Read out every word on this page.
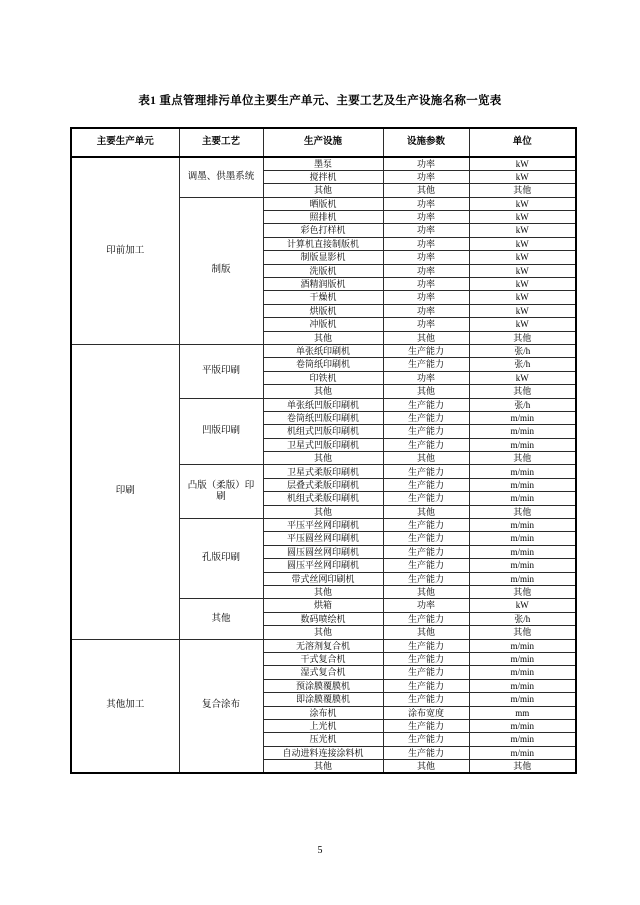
表1 重点管理排污单位主要生产单元、主要工艺及生产设施名称一览表
主要生产单元	主要工艺	生产设施	设施参数	单位
印前加工	调墨、供墨系统	墨泵	功率	kW
		搅拌机	功率	kW
		其他	其他	其他
	制版	晒版机	功率	kW
		照排机	功率	kW
		彩色打样机	功率	kW
		计算机直接制版机	功率	kW
		制版显影机	功率	kW
		洗版机	功率	kW
		酒精润版机	功率	kW
		干燥机	功率	kW
		烘版机	功率	kW
		冲版机	功率	kW
		其他	其他	其他
印刷	平版印刷	单张纸印刷机	生产能力	张/h
		卷筒纸印刷机	生产能力	张/h
		印铁机	功率	kW
		其他	其他	其他
	凹版印刷	单张纸凹版印刷机	生产能力	张/h
		卷筒纸凹版印刷机	生产能力	m/min
		机组式凹版印刷机	生产能力	m/min
		卫星式凹版印刷机	生产能力	m/min
		其他	其他	其他
	凸版（柔版）印刷	卫星式柔版印刷机	生产能力	m/min
		层叠式柔版印刷机	生产能力	m/min
		机组式柔版印刷机	生产能力	m/min
		其他	其他	其他
	孔版印刷	平压平丝网印刷机	生产能力	m/min
		平压圆丝网印刷机	生产能力	m/min
		圆压圆丝网印刷机	生产能力	m/min
		圆压平丝网印刷机	生产能力	m/min
		带式丝网印刷机	生产能力	m/min
		其他	其他	其他
	其他	烘箱	功率	kW
		数码喷绘机	生产能力	张/h
		其他	其他	其他
其他加工	复合涂布	无溶剂复合机	生产能力	m/min
		干式复合机	生产能力	m/min
		湿式复合机	生产能力	m/min
		预涂膜覆膜机	生产能力	m/min
		即涂膜覆膜机	生产能力	m/min
		涂布机	涂布宽度	mm
		上光机	生产能力	m/min
		压光机	生产能力	m/min
		自动进料连接涂料机	生产能力	m/min
		其他	其他	其他
5
